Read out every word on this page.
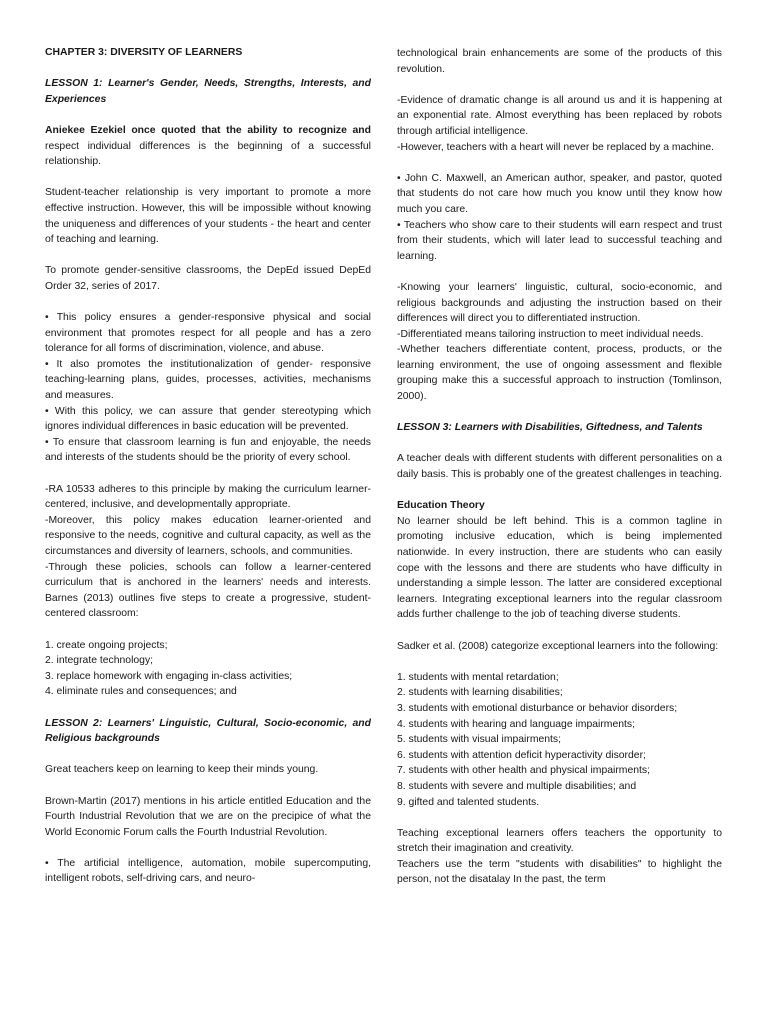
CHAPTER 3: DIVERSITY OF LEARNERS
LESSON 1: Learner's Gender, Needs, Strengths, Interests, and Experiences

Aniekee Ezekiel once quoted that the ability to recognize and respect individual differences is the beginning of a successful relationship.

Student-teacher relationship is very important to promote a more effective instruction. However, this will be impossible without knowing the uniqueness and differences of your students - the heart and center of teaching and learning.

To promote gender-sensitive classrooms, the DepEd issued DepEd Order 32, series of 2017.

• This policy ensures a gender-responsive physical and social environment that promotes respect for all people and has a zero tolerance for all forms of discrimination, violence, and abuse.

• It also promotes the institutionalization of gender- responsive teaching-learning plans, guides, processes, activities, mechanisms and measures.

• With this policy, we can assure that gender stereotyping which ignores individual differences in basic education will be prevented.

• To ensure that classroom learning is fun and enjoyable, the needs and interests of the students should be the priority of every school.

-RA 10533 adheres to this principle by making the curriculum learner-centered, inclusive, and developmentally appropriate.

-Moreover, this policy makes education learner-oriented and responsive to the needs, cognitive and cultural capacity, as well as the circumstances and diversity of learners, schools, and communities.

-Through these policies, schools can follow a learner-centered curriculum that is anchored in the learners' needs and interests. Barnes (2013) outlines five steps to create a progressive, student- centered classroom:

1. create ongoing projects;
2. integrate technology;
3. replace homework with engaging in-class activities;
4. eliminate rules and consequences; and
LESSON 2: Learners' Linguistic, Cultural, Socio-economic, and Religious backgrounds

Great teachers keep on learning to keep their minds young.

Brown-Martin (2017) mentions in his article entitled Education and the Fourth Industrial Revolution that we are on the precipice of what the World Economic Forum calls the Fourth Industrial Revolution.

• The artificial intelligence, automation, mobile supercomputing, intelligent robots, self-driving cars, and neuro-

technological brain enhancements are some of the products of this revolution.

-Evidence of dramatic change is all around us and it is happening at an exponential rate. Almost everything has been replaced by robots through artificial intelligence.

-However, teachers with a heart will never be replaced by a machine.

• John C. Maxwell, an American author, speaker, and pastor, quoted that students do not care how much you know until they know how much you care.

• Teachers who show care to their students will earn respect and trust from their students, which will later lead to successful teaching and learning.

-Knowing your learners' linguistic, cultural, socio-economic, and religious backgrounds and adjusting the instruction based on their differences will direct you to differentiated instruction.

-Differentiated means tailoring instruction to meet individual needs.

-Whether teachers differentiate content, process, products, or the learning environment, the use of ongoing assessment and flexible grouping make this a successful approach to instruction (Tomlinson, 2000).

LESSON 3: Learners with Disabilities, Giftedness, and Talents

A teacher deals with different students with different personalities on a daily basis. This is probably one of the greatest challenges in teaching.

Education Theory

No learner should be left behind. This is a common tagline in promoting inclusive education, which is being implemented nationwide. In every instruction, there are students who can easily cope with the lessons and there are students who have difficulty in understanding a simple lesson. The latter are considered exceptional learners. Integrating exceptional learners into the regular classroom adds further challenge to the job of teaching diverse students.

Sadker et al. (2008) categorize exceptional learners into the following:

1. students with mental retardation;
2. students with learning disabilities;
3. students with emotional disturbance or behavior disorders;
4. students with hearing and language impairments;
5. students with visual impairments;
6. students with attention deficit hyperactivity disorder;
7. students with other health and physical impairments;
8. students with severe and multiple disabilities; and
9. gifted and talented students.

Teaching exceptional learners offers teachers the opportunity to stretch their imagination and creativity.

Teachers use the term "students with disabilities" to highlight the person, not the disatalay In the past, the term
